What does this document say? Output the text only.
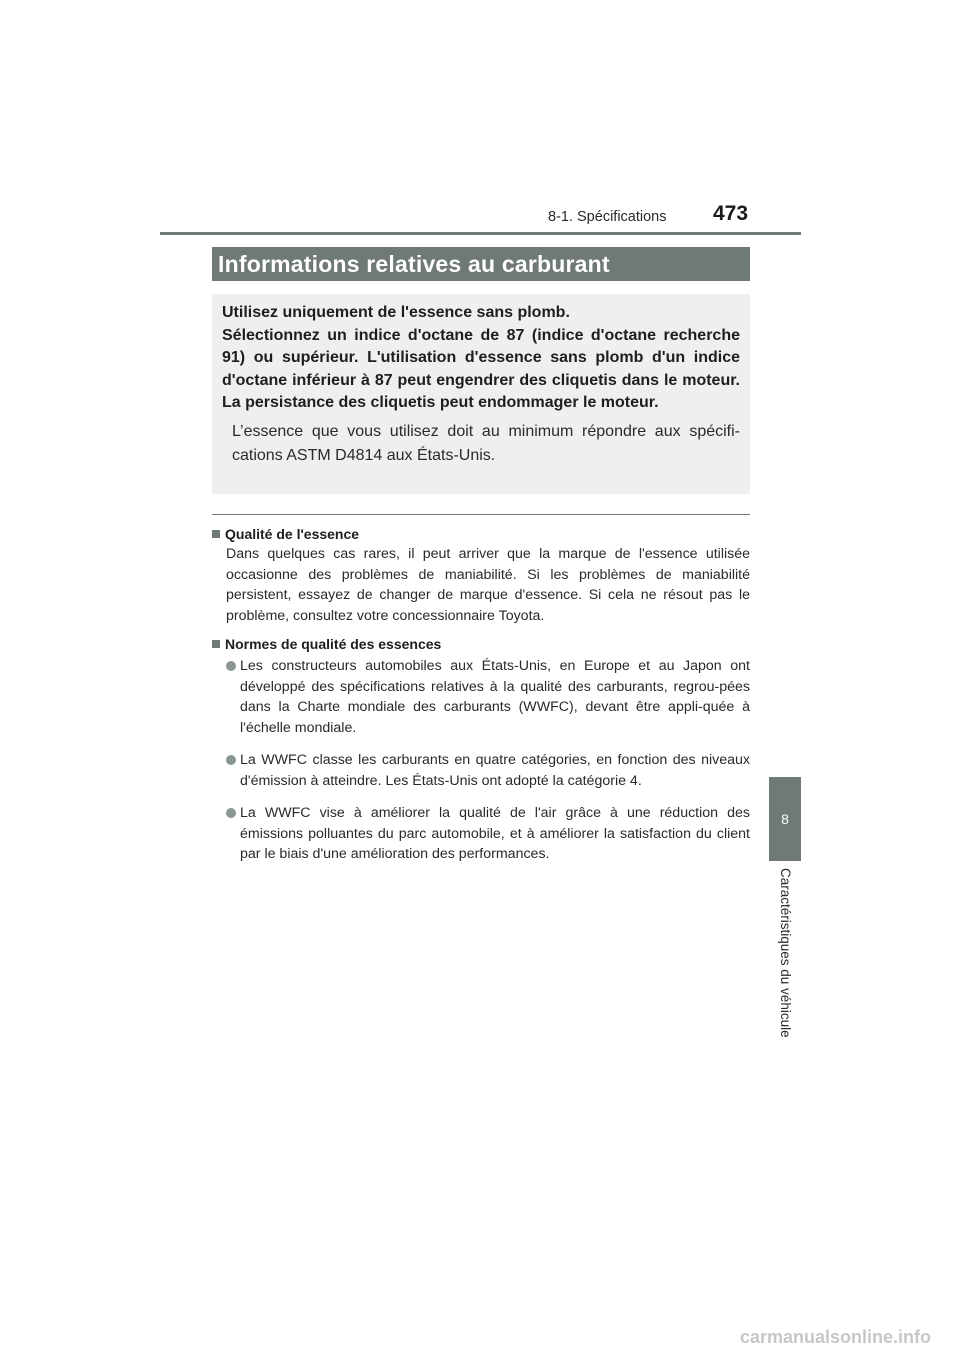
8-1. Spécifications 473
Informations relatives au carburant

Utilisez uniquement de l'essence sans plomb.
Sélectionnez un indice d'octane de 87 (indice d'octane recherche 91) ou supérieur. L'utilisation d'essence sans plomb d'un indice d'octane inférieur à 87 peut engendrer des cliquetis dans le moteur. La persistance des cliquetis peut endommager le moteur.

L’essence que vous utilisez doit au minimum répondre aux spécifi-cations ASTM D4814 aux États-Unis.

Qualité de l'essence

Dans quelques cas rares, il peut arriver que la marque de l'essence utilisée occasionne des problèmes de maniabilité. Si les problèmes de maniabilité persistent, essayez de changer de marque d'essence. Si cela ne résout pas le problème, consultez votre concessionnaire Toyota.

Normes de qualité des essences
Les constructeurs automobiles aux États-Unis, en Europe et au Japon ont développé des spécifications relatives à la qualité des carburants, regrou-pées dans la Charte mondiale des carburants (WWFC), devant être appli-quée à l'échelle mondiale.
La WWFC classe les carburants en quatre catégories, en fonction des niveaux d'émission à atteindre. Les États-Unis ont adopté la catégorie 4.
La WWFC vise à améliorer la qualité de l'air grâce à une réduction des émissions polluantes du parc automobile, et à améliorer la satisfaction du client par le biais d'une amélioration des performances.
8
Caractéristiques du véhicule
carmanualsonline.info
